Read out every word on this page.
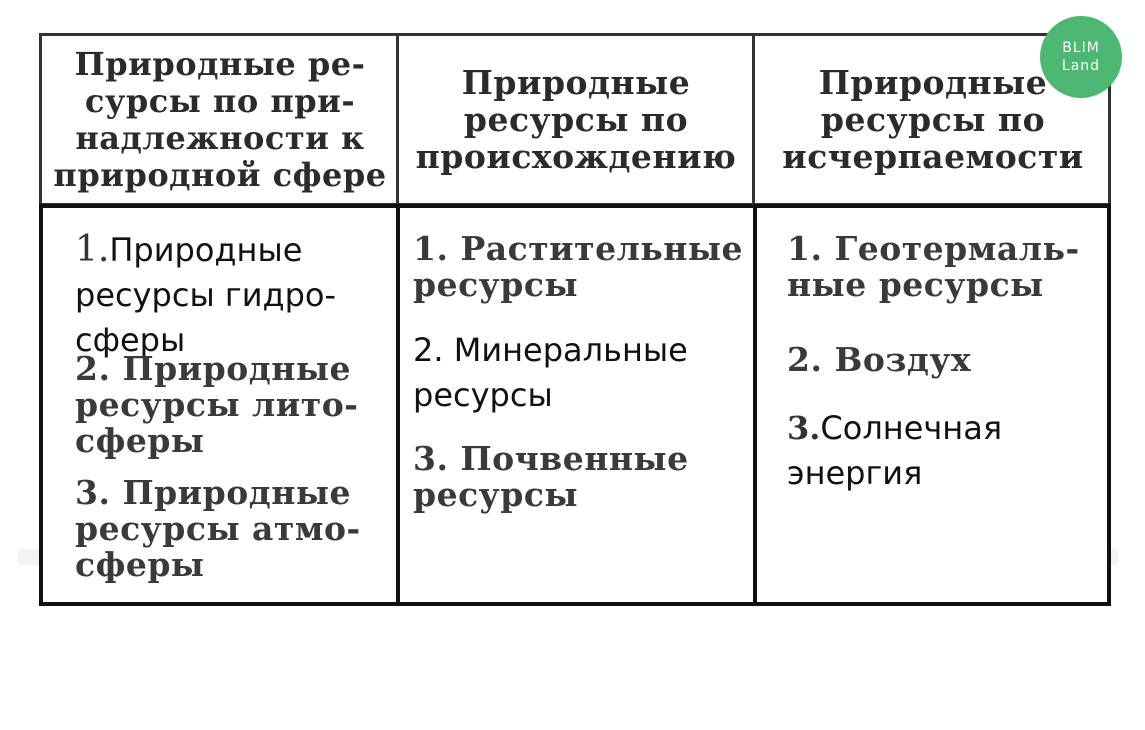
Природные ре-
сурсы по при-
надлежности к
природной сфере
Природные
ресурсы по
происхождению
Природные
ресурсы по
исчерпаемости
1.Природные
ресурсы гидро-
сферы
2. Природные
ресурсы лито-
сферы
3. Природные
ресурсы атмо-
сферы
1. Растительные
ресурсы
2. Минеральные
ресурсы
3. Почвенные
ресурсы
1. Геотермаль-
ные ресурсы
2. Воздух
3.Солнечная
энергия
BLIM
Land
